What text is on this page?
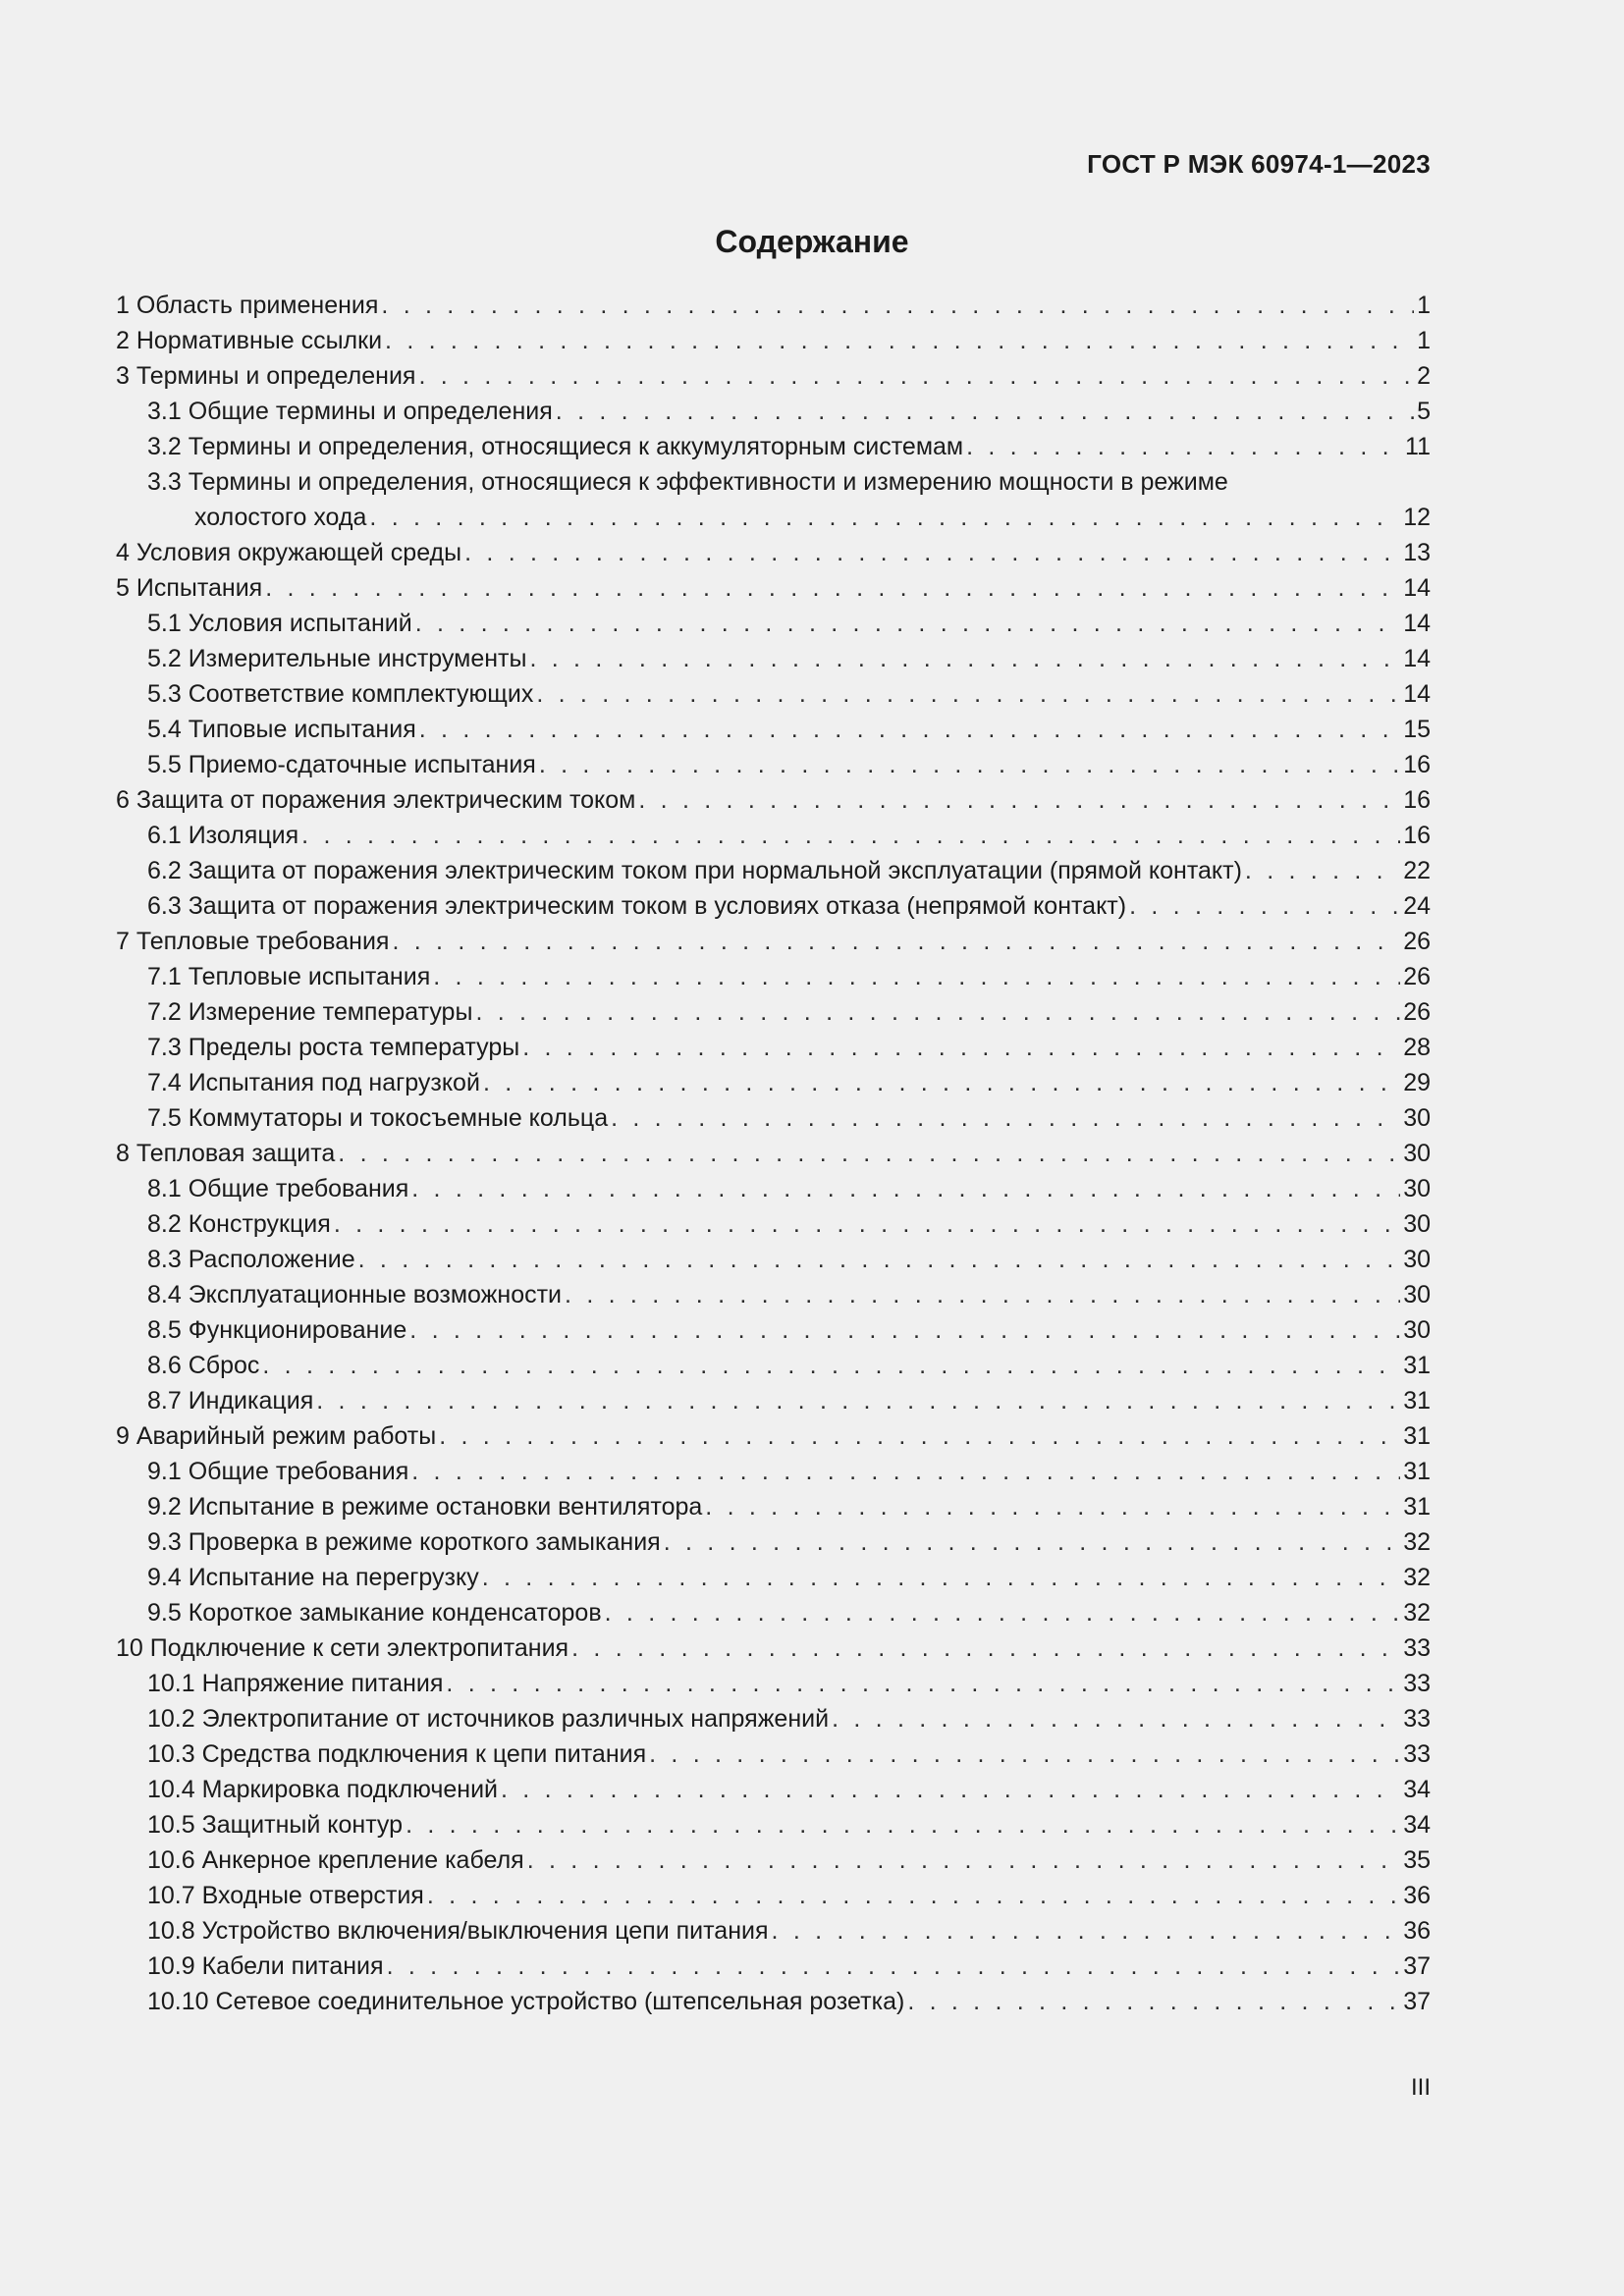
ГОСТ Р МЭК 60974-1—2023
Содержание
1 Область применения . . .	1
2 Нормативные ссылки . . .	1
3 Термины и определения . . .	2
3.1 Общие термины и определения . . .	5
3.2 Термины и определения, относящиеся к аккумуляторным системам . . .	11
3.3 Термины и определения, относящиеся к эффективности и измерению мощности в режиме
холостого хода . . .	12
4 Условия окружающей среды . . .	13
5 Испытания . . .	14
5.1 Условия испытаний . . .	14
5.2 Измерительные инструменты . . .	14
5.3 Соответствие комплектующих . . .	14
5.4 Типовые испытания . . .	15
5.5 Приемо-сдаточные испытания . . .	16
6 Защита от поражения электрическим током . . .	16
6.1 Изоляция . . .	16
6.2 Защита от поражения электрическим током при нормальной эксплуатации (прямой контакт) . . .	22
6.3 Защита от поражения электрическим током в условиях отказа (непрямой контакт) . . .	24
7 Тепловые требования . . .	26
7.1 Тепловые испытания . . .	26
7.2 Измерение температуры . . .	26
7.3 Пределы роста температуры . . .	28
7.4 Испытания под нагрузкой . . .	29
7.5 Коммутаторы и токосъемные кольца . . .	30
8 Тепловая защита . . .	30
8.1 Общие требования . . .	30
8.2 Конструкция . . .	30
8.3 Расположение . . .	30
8.4 Эксплуатационные возможности . . .	30
8.5 Функционирование . . .	30
8.6 Сброс . . .	31
8.7 Индикация . . .	31
9 Аварийный режим работы . . .	31
9.1 Общие требования . . .	31
9.2 Испытание в режиме остановки вентилятора . . .	31
9.3 Проверка в режиме короткого замыкания . . .	32
9.4 Испытание на перегрузку . . .	32
9.5 Короткое замыкание конденсаторов . . .	32
10 Подключение к сети электропитания . . .	33
10.1 Напряжение питания . . .	33
10.2 Электропитание от источников различных напряжений . . .	33
10.3 Средства подключения к цепи питания . . .	33
10.4 Маркировка подключений . . .	34
10.5 Защитный контур . . .	34
10.6 Анкерное крепление кабеля . . .	35
10.7 Входные отверстия . . .	36
10.8 Устройство включения/выключения цепи питания . . .	36
10.9 Кабели питания . . .	37
10.10 Сетевое соединительное устройство (штепсельная розетка) . . .	37
III
